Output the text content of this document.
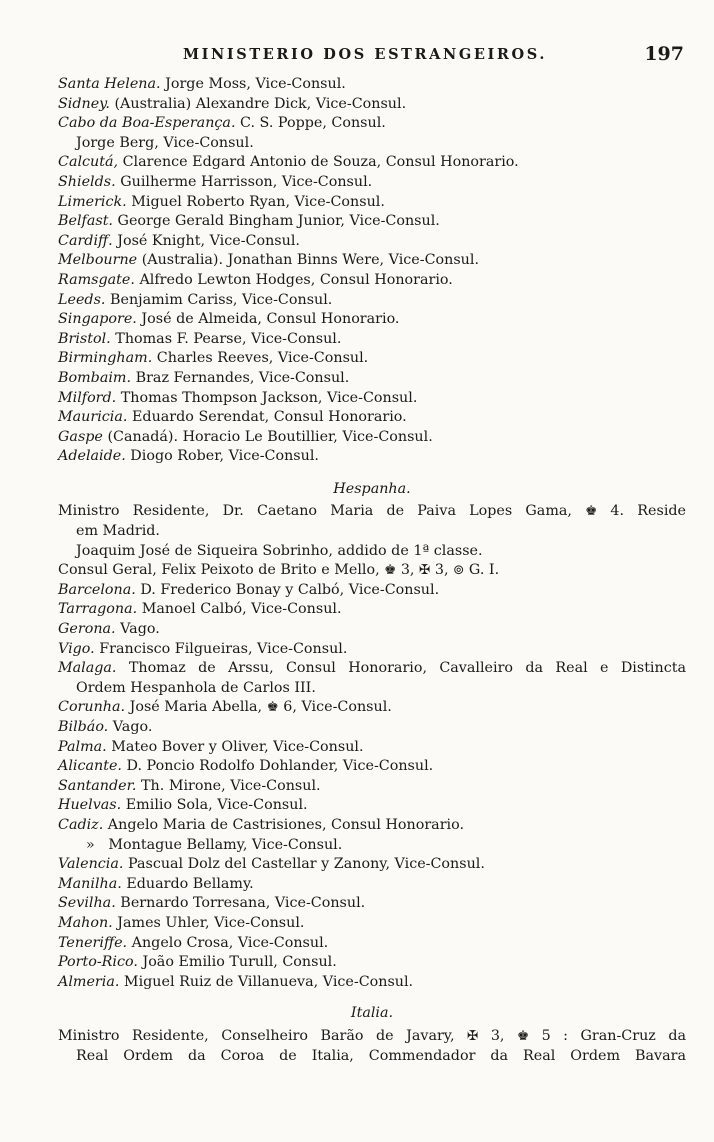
MINISTERIO DOS ESTRANGEIROS.	197
Santa Helena. Jorge Moss, Vice-Consul.
Sidney. (Australia) Alexandre Dick, Vice-Consul.
Cabo da Boa-Esperança. C. S. Poppe, Consul.
Jorge Berg, Vice-Consul.
Calcutá, Clarence Edgard Antonio de Souza, Consul Honorario.
Shields. Guilherme Harrisson, Vice-Consul.
Limerick. Miguel Roberto Ryan, Vice-Consul.
Belfast. George Gerald Bingham Junior, Vice-Consul.
Cardiff. José Knight, Vice-Consul.
Melbourne (Australia). Jonathan Binns Were, Vice-Consul.
Ramsgate. Alfredo Lewton Hodges, Consul Honorario.
Leeds. Benjamim Cariss, Vice-Consul.
Singapore. José de Almeida, Consul Honorario.
Bristol. Thomas F. Pearse, Vice-Consul.
Birmingham. Charles Reeves, Vice-Consul.
Bombaim. Braz Fernandes, Vice-Consul.
Milford. Thomas Thompson Jackson, Vice-Consul.
Mauricia. Eduardo Serendat, Consul Honorario.
Gaspe (Canadá). Horacio Le Boutillier, Vice-Consul.
Adelaide. Diogo Rober, Vice-Consul.
Hespanha.
Ministro Residente, Dr. Caetano Maria de Paiva Lopes Gama, ♚ 4. Reside
em Madrid.
Joaquim José de Siqueira Sobrinho, addido de 1ª classe.
Consul Geral, Felix Peixoto de Brito e Mello, ♚ 3, ✠ 3, ⊚ G. I.
Barcelona. D. Frederico Bonay y Calbó, Vice-Consul.
Tarragona. Manoel Calbó, Vice-Consul.
Gerona. Vago.
Vigo. Francisco Filgueiras, Vice-Consul.
Malaga. Thomaz de Arssu, Consul Honorario, Cavalleiro da Real e Distincta
Ordem Hespanhola de Carlos III.
Corunha. José Maria Abella, ♚ 6, Vice-Consul.
Bilbáo. Vago.
Palma. Mateo Bover y Oliver, Vice-Consul.
Alicante. D. Poncio Rodolfo Dohlander, Vice-Consul.
Santander. Th. Mirone, Vice-Consul.
Huelvas. Emilio Sola, Vice-Consul.
Cadiz. Angelo Maria de Castrisiones, Consul Honorario.
»   Montague Bellamy, Vice-Consul.
Valencia. Pascual Dolz del Castellar y Zanony, Vice-Consul.
Manilha. Eduardo Bellamy.
Sevilha. Bernardo Torresana, Vice-Consul.
Mahon. James Uhler, Vice-Consul.
Teneriffe. Angelo Crosa, Vice-Consul.
Porto-Rico. João Emilio Turull, Consul.
Almeria. Miguel Ruiz de Villanueva, Vice-Consul.
Italia.
Ministro Residente, Conselheiro Barão de Javary, ✠ 3, ♚ 5 : Gran-Cruz da
Real Ordem da Coroa de Italia, Commendador da Real Ordem Bavara
